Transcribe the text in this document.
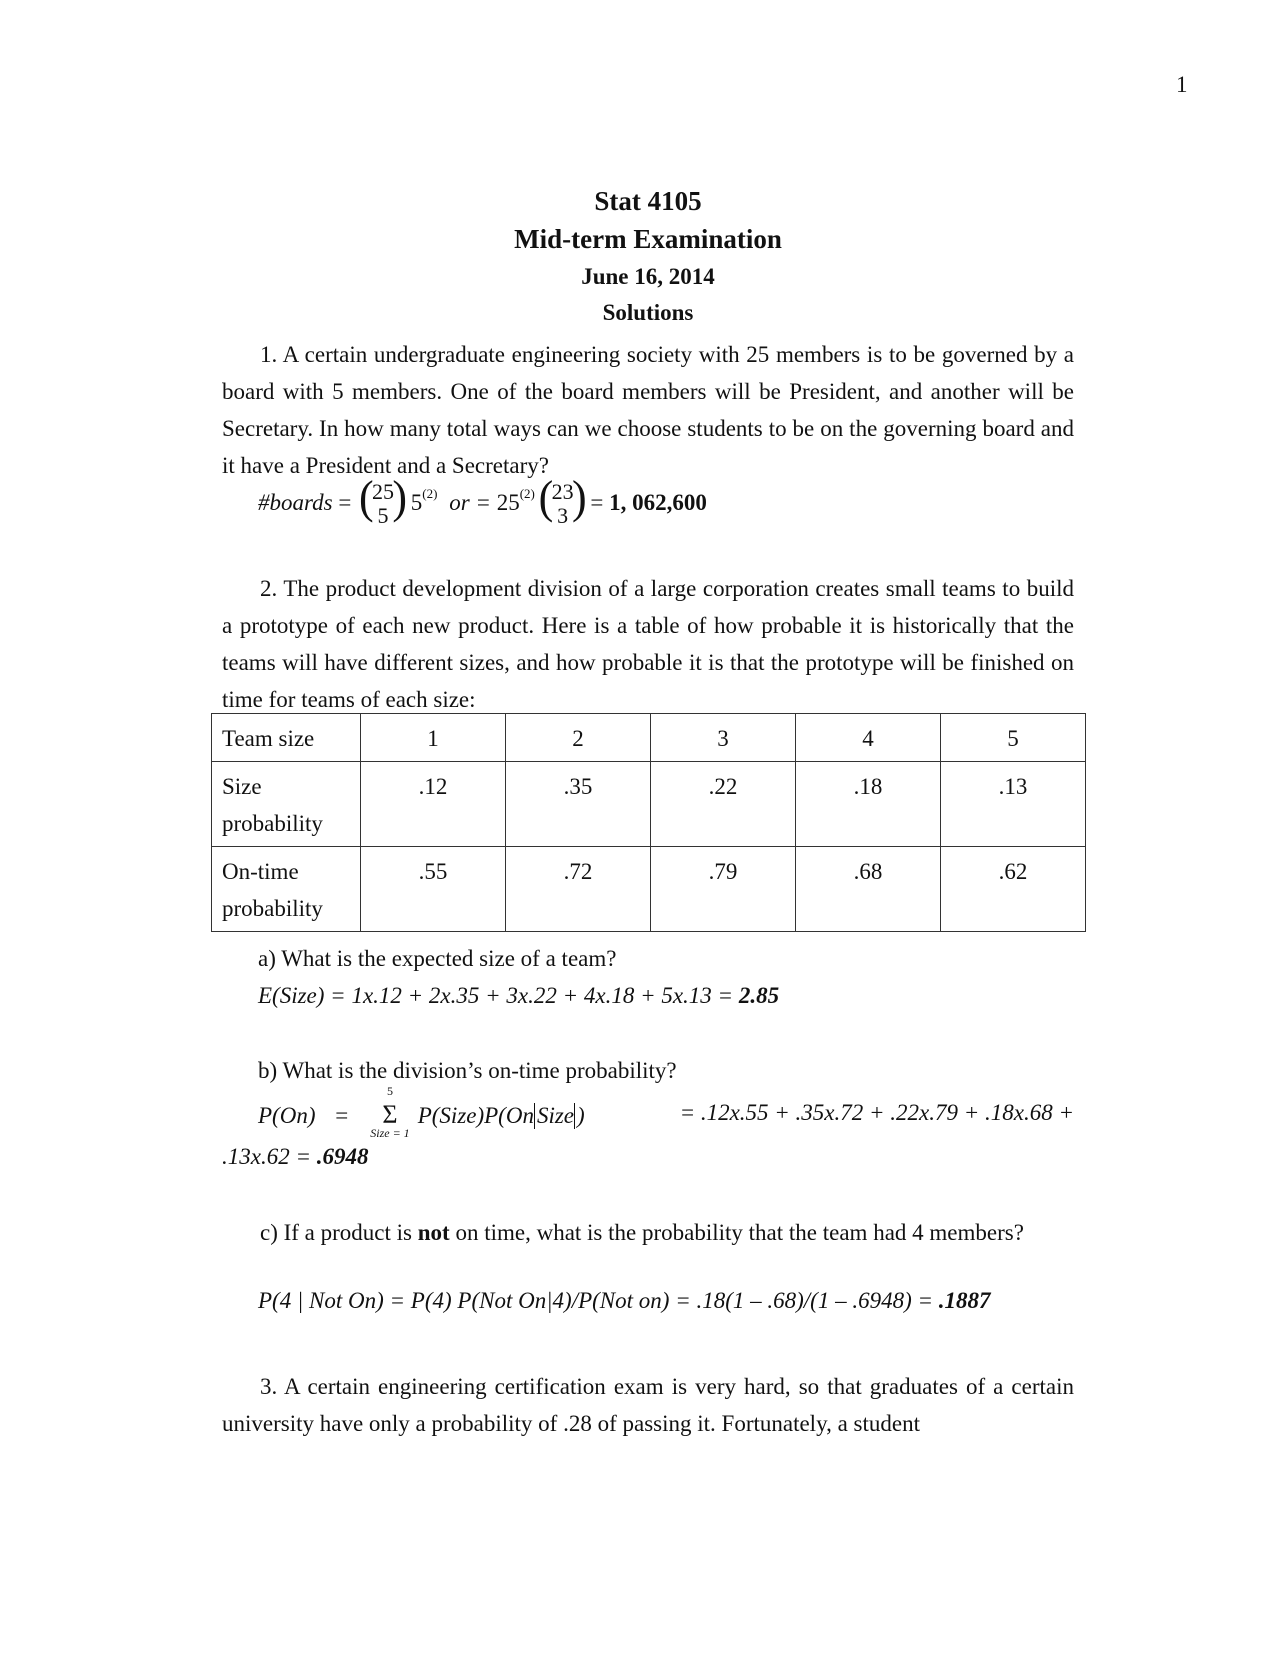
1
Stat 4105
Mid-term Examination
June 16, 2014
Solutions

1. A certain undergraduate engineering society with 25 members is to be governed by a board with 5 members. One of the board members will be President, and another will be Secretary. In how many total ways can we choose students to be on the governing board and it have a President and a Secretary?

#boards = (
25
5 ) 5$^{(2)}$ or = $25^{(2)}$ (
23
3 ) = 1, 062,600

2. The product development division of a large corporation creates small teams to build a prototype of each new product. Here is a table of how probable it is historically that the teams will have different sizes, and how probable it is that the prototype will be finished on time for teams of each size:

Team size	1	2	3	4	5
Size probability	.12	.35	.22	.18	.13
On-time probability	.55	.72	.79	.68	.62
a) What is the expected size of a team?
E(Size) = 1x.12 + 2x.35 + 3x.22 + 4x.18 + 5x.13 = 2.85
b) What is the division’s on-time probability?
P(On) =
5
Σ
Size = 1
P(Size)P(On Size )	= .12x.55 + .35x.72 + .22x.79 + .18x.68 +
.13x.62 = .6948

c) If a product is not on time, what is the probability that the team had 4 members?

P(4 | Not On) = P(4) P(Not On|4)/P(Not on) = .18(1 – .68)/(1 – .6948) = .1887

3. A certain engineering certification exam is very hard, so that graduates of a certain university have only a probability of .28 of passing it. Fortunately, a student
